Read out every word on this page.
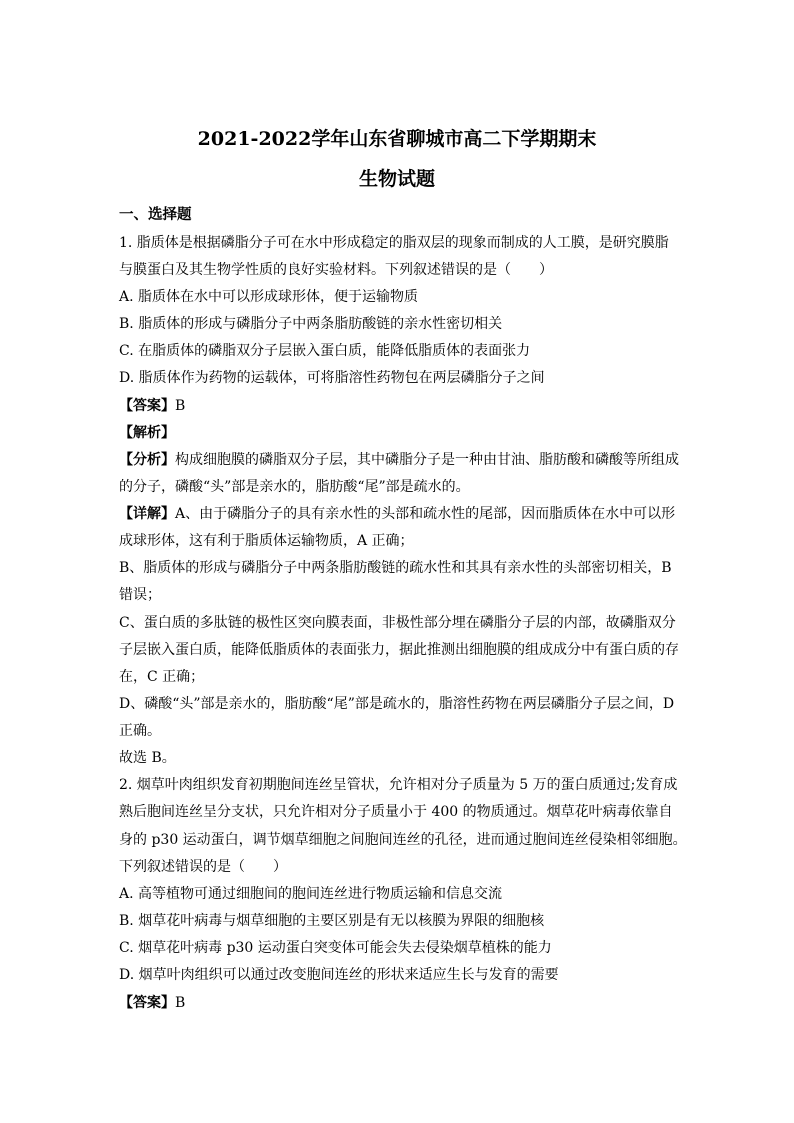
2021-2022学年山东省聊城市高二下学期期末
生物试题
一、选择题
1. 脂质体是根据磷脂分子可在水中形成稳定的脂双层的现象而制成的人工膜，是研究膜脂
与膜蛋白及其生物学性质的良好实验材料。下列叙述错误的是（　　）
A. 脂质体在水中可以形成球形体，便于运输物质
B. 脂质体的形成与磷脂分子中两条脂肪酸链的亲水性密切相关
C. 在脂质体的磷脂双分子层嵌入蛋白质，能降低脂质体的表面张力
D. 脂质体作为药物的运载体，可将脂溶性药物包在两层磷脂分子之间
【答案】B
【解析】
【分析】构成细胞膜的磷脂双分子层，其中磷脂分子是一种由甘油、脂肪酸和磷酸等所组成
的分子，磷酸“头”部是亲水的，脂肪酸“尾”部是疏水的。
【详解】A、由于磷脂分子的具有亲水性的头部和疏水性的尾部，因而脂质体在水中可以形
成球形体，这有利于脂质体运输物质，A 正确；
B、脂质体的形成与磷脂分子中两条脂肪酸链的疏水性和其具有亲水性的头部密切相关，B
错误；
C、蛋白质的多肽链的极性区突向膜表面，非极性部分埋在磷脂分子层的内部，故磷脂双分
子层嵌入蛋白质，能降低脂质体的表面张力，据此推测出细胞膜的组成成分中有蛋白质的存
在，C 正确；
D、磷酸“头”部是亲水的，脂肪酸“尾”部是疏水的，脂溶性药物在两层磷脂分子层之间，D
正确。
故选 B。
2. 烟草叶肉组织发育初期胞间连丝呈管状，允许相对分子质量为 5 万的蛋白质通过;发育成
熟后胞间连丝呈分支状，只允许相对分子质量小于 400 的物质通过。烟草花叶病毒依靠自
身的 p30 运动蛋白，调节烟草细胞之间胞间连丝的孔径，进而通过胞间连丝侵染相邻细胞。
下列叙述错误的是（　　）
A. 高等植物可通过细胞间的胞间连丝进行物质运输和信息交流
B. 烟草花叶病毒与烟草细胞的主要区别是有无以核膜为界限的细胞核
C. 烟草花叶病毒 p30 运动蛋白突变体可能会失去侵染烟草植株的能力
D. 烟草叶肉组织可以通过改变胞间连丝的形状来适应生长与发育的需要
【答案】B
